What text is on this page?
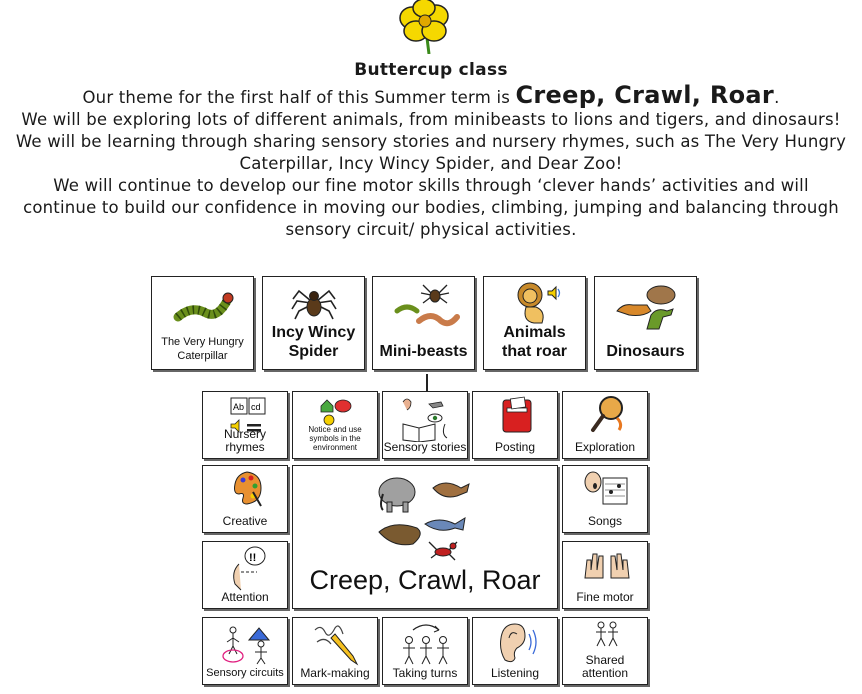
Buttercup class

Our theme for the first half of this Summer term is Creep, Crawl, Roar.

We will be exploring lots of different animals, from minibeasts to lions and tigers, and dinosaurs!

We will be learning through sharing sensory stories and nursery rhymes, such as The Very Hungry Caterpillar, Incy Wincy Spider, and Dear Zoo!

We will continue to develop our fine motor skills through ‘clever hands’ activities and will continue to build our confidence in moving our bodies, climbing, jumping and balancing through sensory circuit/ physical activities.

The Very Hungry Caterpillar
Incy Wincy Spider	Mini-beasts
Animals that roar	Dinosaurs
Ab cd
Nursery rhymes
Notice and use symbols in the environment	Sensory stories	Posting	Exploration
Creative	Songs
!!
Attention	Fine motor
Creep, Crawl, Roar
Sensory circuits	Mark-making	Taking turns	Listening
Shared attention
